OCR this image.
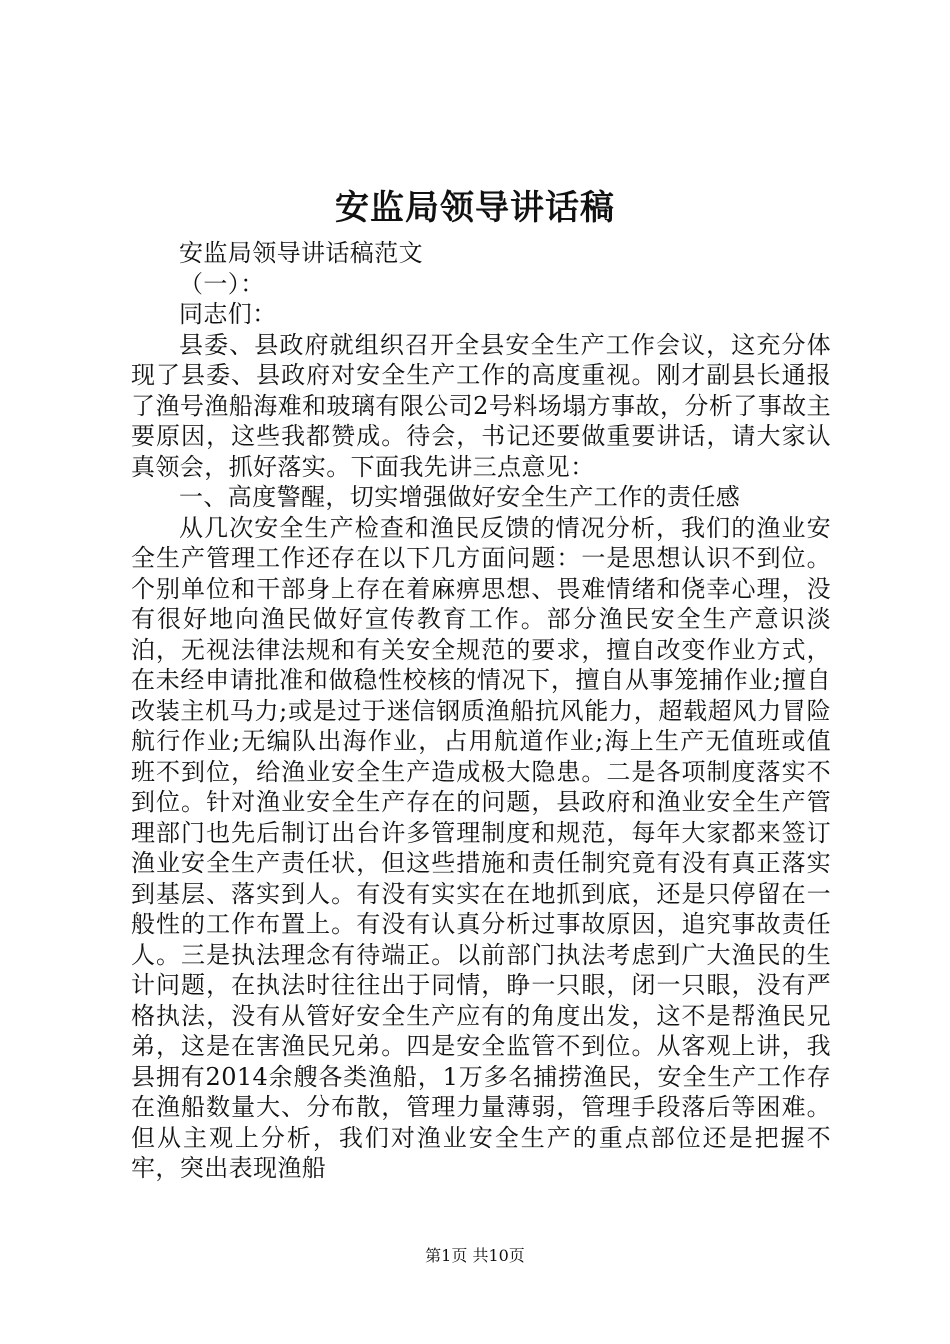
安监局领导讲话稿

安监局领导讲话稿范文

（一）：

同志们：

县委、县政府就组织召开全县安全生产工作会议，这充分体现了县委、县政府对安全生产工作的高度重视。刚才副县长通报了渔号渔船海难和玻璃有限公司2号料场塌方事故，分析了事故主要原因，这些我都赞成。待会，书记还要做重要讲话，请大家认真领会，抓好落实。下面我先讲三点意见：

一、高度警醒，切实增强做好安全生产工作的责任感

从几次安全生产检查和渔民反馈的情况分析，我们的渔业安全生产管理工作还存在以下几方面问题：一是思想认识不到位。个别单位和干部身上存在着麻痹思想、畏难情绪和侥幸心理，没有很好地向渔民做好宣传教育工作。部分渔民安全生产意识淡泊，无视法律法规和有关安全规范的要求，擅自改变作业方式，在未经申请批准和做稳性校核的情况下，擅自从事笼捕作业;擅自改装主机马力;或是过于迷信钢质渔船抗风能力，超载超风力冒险航行作业;无编队出海作业，占用航道作业;海上生产无值班或值班不到位，给渔业安全生产造成极大隐患。二是各项制度落实不到位。针对渔业安全生产存在的问题，县政府和渔业安全生产管理部门也先后制订出台许多管理制度和规范，每年大家都来签订渔业安全生产责任状，但这些措施和责任制究竟有没有真正落实到基层、落实到人。有没有实实在在地抓到底，还是只停留在一般性的工作布置上。有没有认真分析过事故原因，追究事故责任人。三是执法理念有待端正。以前部门执法考虑到广大渔民的生计问题，在执法时往往出于同情，睁一只眼，闭一只眼，没有严格执法，没有从管好安全生产应有的角度出发，这不是帮渔民兄弟，这是在害渔民兄弟。四是安全监管不到位。从客观上讲，我县拥有2014余艘各类渔船，1万多名捕捞渔民，安全生产工作存在渔船数量大、分布散，管理力量薄弱，管理手段落后等困难。但从主观上分析，我们对渔业安全生产的重点部位还是把握不牢，突出表现渔船

第1页 共10页
